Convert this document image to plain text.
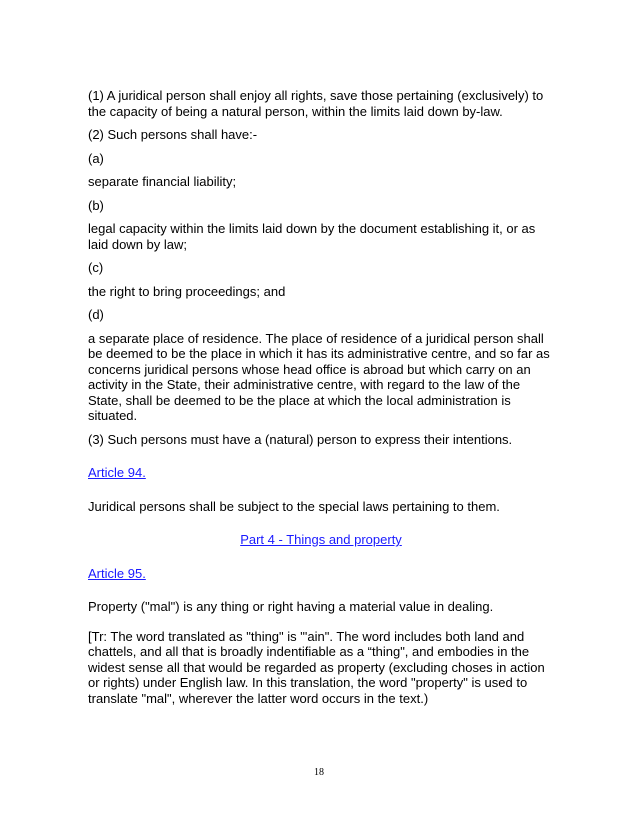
(1) A juridical person shall enjoy all rights, save those pertaining (exclusively) to the capacity of being a natural person, within the limits laid down by-law.

(2) Such persons shall have:-

(a)

separate financial liability;

(b)

legal capacity within the limits laid down by the document establishing it, or as laid down by law;

(c)

the right to bring proceedings; and

(d)

a separate place of residence. The place of residence of a juridical person shall be deemed to be the place in which it has its administrative centre, and so far as concerns juridical persons whose head office is abroad but which carry on an activity in the State, their administrative centre, with regard to the law of the State, shall be deemed to be the place at which the local administration is situated.

(3) Such persons must have a (natural) person to express their intentions.

Article 94.

Juridical persons shall be subject to the special laws pertaining to them.

Part 4 - Things and property

Article 95.

Property ("mal") is any thing or right having a material value in dealing.

[Tr: The word translated as "thing" is "'ain". The word includes both land and chattels, and all that is broadly indentifiable as a “thing", and embodies in the widest sense all that would be regarded as property (excluding choses in action or rights) under English law. In this translation, the word "property" is used to translate "mal", wherever the latter word occurs in the text.)

18
